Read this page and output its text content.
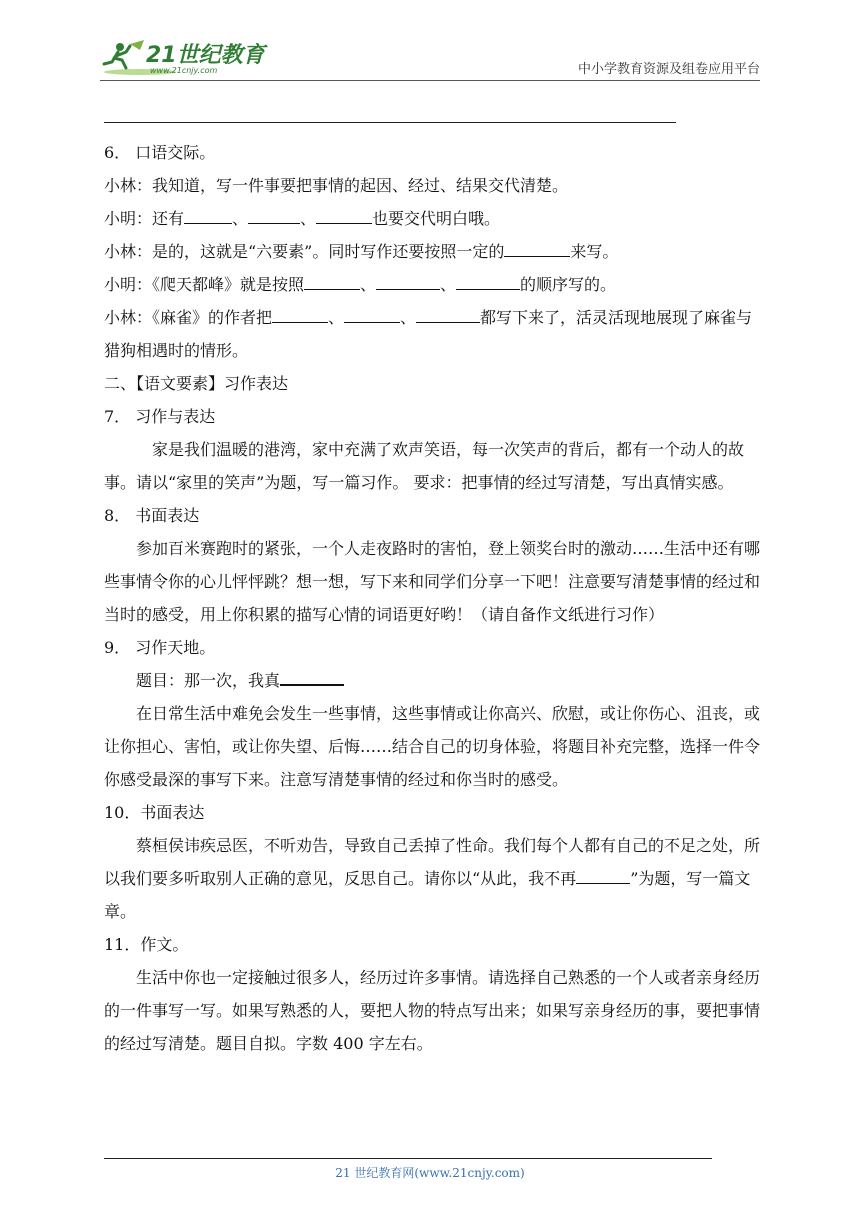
21世纪教育
www.21cnjy.com	中小学教育资源及组卷应用平台

6． 口语交际。

小林：我知道，写一件事要把事情的起因、经过、结果交代清楚。

小明：还有	、	、	也要交代明白哦。

小林：是的，这就是“六要素”。同时写作还要按照一定的	来写。

小明：《爬天都峰》就是按照	、	、	的顺序写的。

小林：《麻雀》的作者把	、	、	都写下来了，活灵活现地展现了麻雀与猎狗相遇时的情形。

二、【语文要素】习作表达

7． 习作与表达

家是我们温暖的港湾，家中充满了欢声笑语，每一次笑声的背后，都有一个动人的故事。请以“家里的笑声”为题，写一篇习作。 要求：把事情的经过写清楚，写出真情实感。

8． 书面表达

参加百米赛跑时的紧张，一个人走夜路时的害怕，登上领奖台时的激动……生活中还有哪些事情令你的心儿怦怦跳？想一想，写下来和同学们分享一下吧！注意要写清楚事情的经过和当时的感受，用上你积累的描写心情的词语更好哟！（请自备作文纸进行习作）

9． 习作天地。

题目：那一次，我真

在日常生活中难免会发生一些事情，这些事情或让你高兴、欣慰，或让你伤心、沮丧，或让你担心、害怕，或让你失望、后悔……结合自己的切身体验，将题目补充完整，选择一件令你感受最深的事写下来。注意写清楚事情的经过和你当时的感受。

10．书面表达

蔡桓侯讳疾忌医，不听劝告，导致自己丢掉了性命。我们每个人都有自己的不足之处，所以我们要多听取别人正确的意见，反思自己。请你以“从此，我不再	”为题，写一篇文章。

11．作文。

生活中你也一定接触过很多人，经历过许多事情。请选择自己熟悉的一个人或者亲身经历的一件事写一写。如果写熟悉的人，要把人物的特点写出来；如果写亲身经历的事，要把事情的经过写清楚。题目自拟。字数 400 字左右。

21 世纪教育网(www.21cnjy.com)
